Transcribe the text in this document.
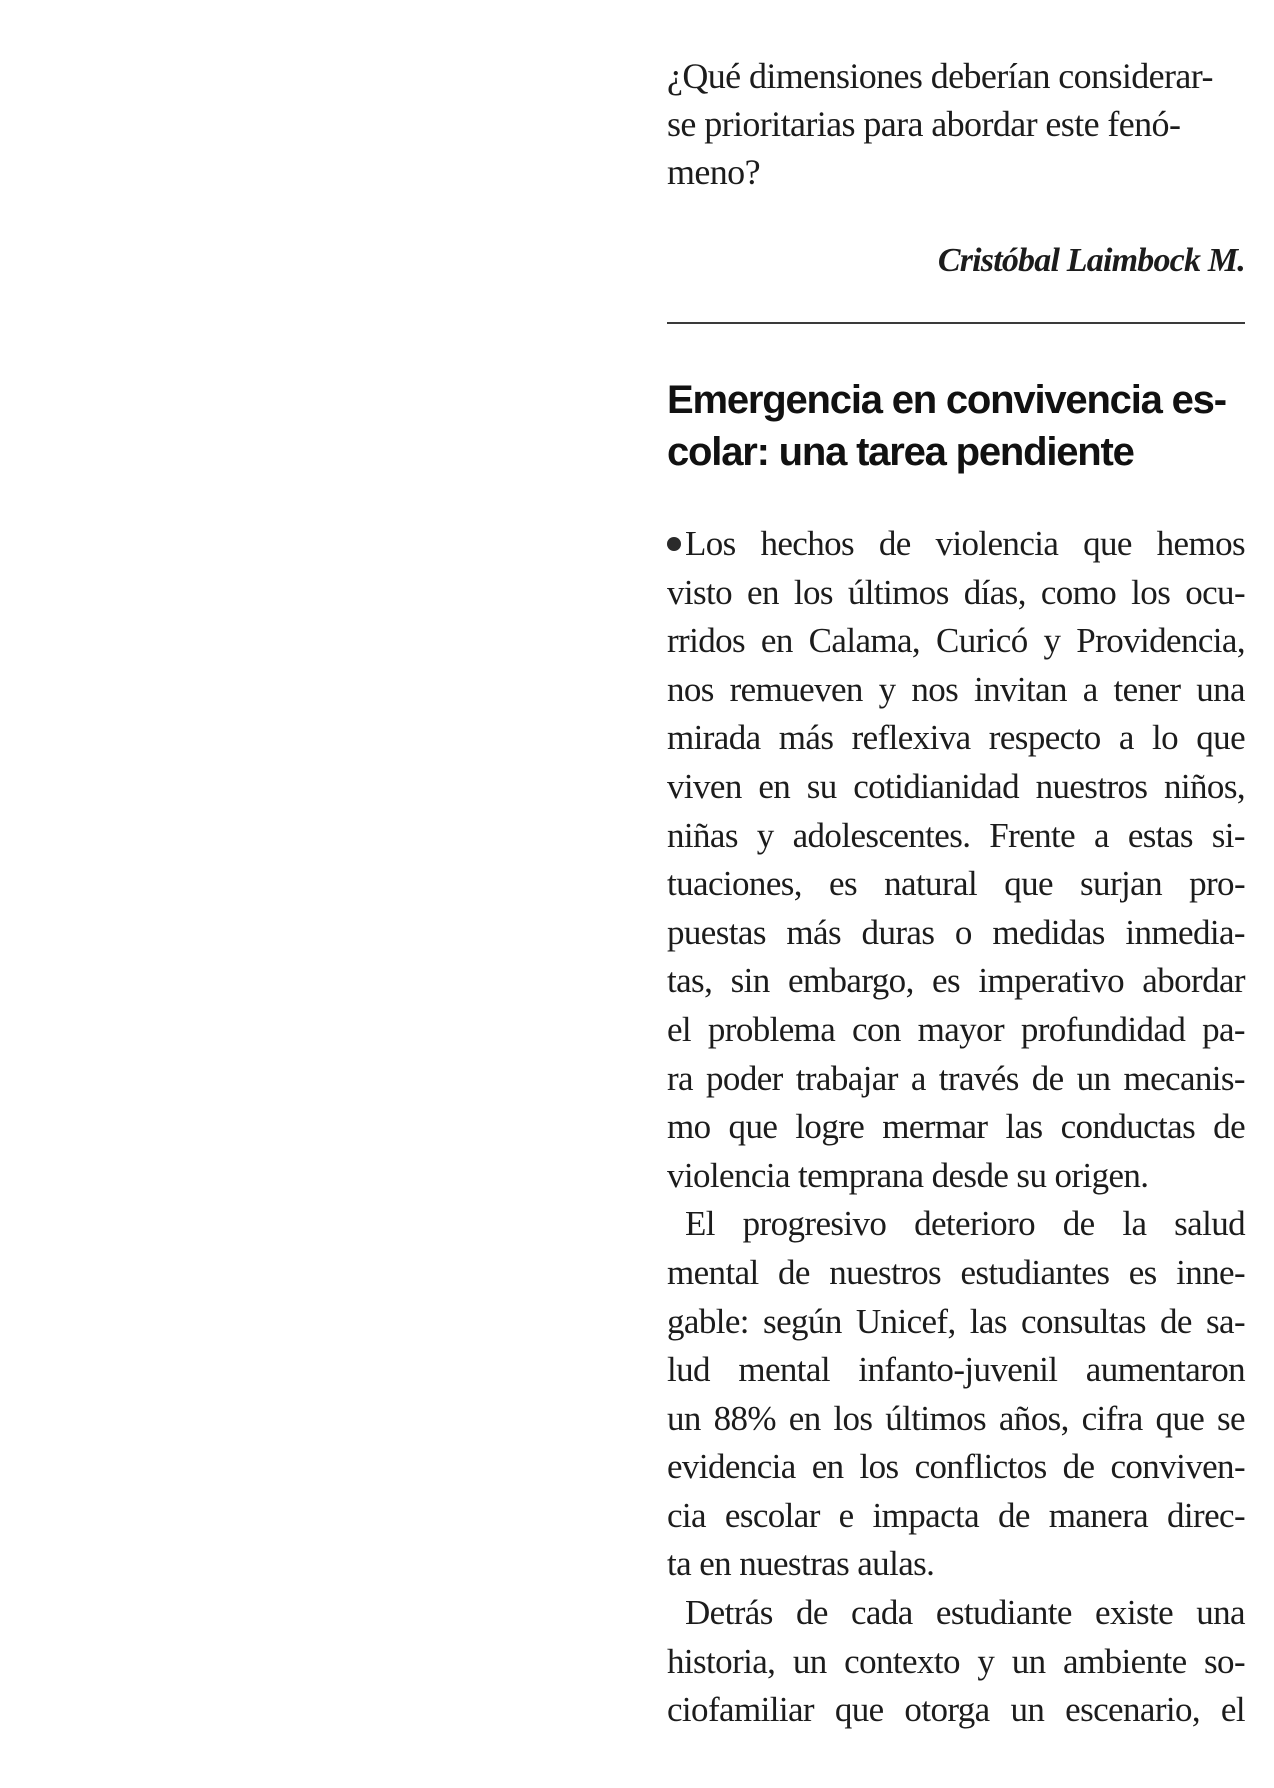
¿Qué dimensiones deberían considerar-
se prioritarias para abordar este fenó-
meno?

Cristóbal Laimbock M.

Emergencia en convivencia es-
colar: una tarea pendiente
Los hechos de violencia que hemos
visto en los últimos días, como los ocu-
rridos en Calama, Curicó y Providencia,
nos remueven y nos invitan a tener una
mirada más reflexiva respecto a lo que
viven en su cotidianidad nuestros niños,
niñas y adolescentes. Frente a estas si-
tuaciones, es natural que surjan pro-
puestas más duras o medidas inmedia-
tas, sin embargo, es imperativo abordar
el problema con mayor profundidad pa-
ra poder trabajar a través de un mecanis-
mo que logre mermar las conductas de
violencia temprana desde su origen.
El progresivo deterioro de la salud
mental de nuestros estudiantes es inne-
gable: según Unicef, las consultas de sa-
lud mental infanto-juvenil aumentaron
un 88% en los últimos años, cifra que se
evidencia en los conflictos de conviven-
cia escolar e impacta de manera direc-
ta en nuestras aulas.
Detrás de cada estudiante existe una
historia, un contexto y un ambiente so-
ciofamiliar que otorga un escenario, el
